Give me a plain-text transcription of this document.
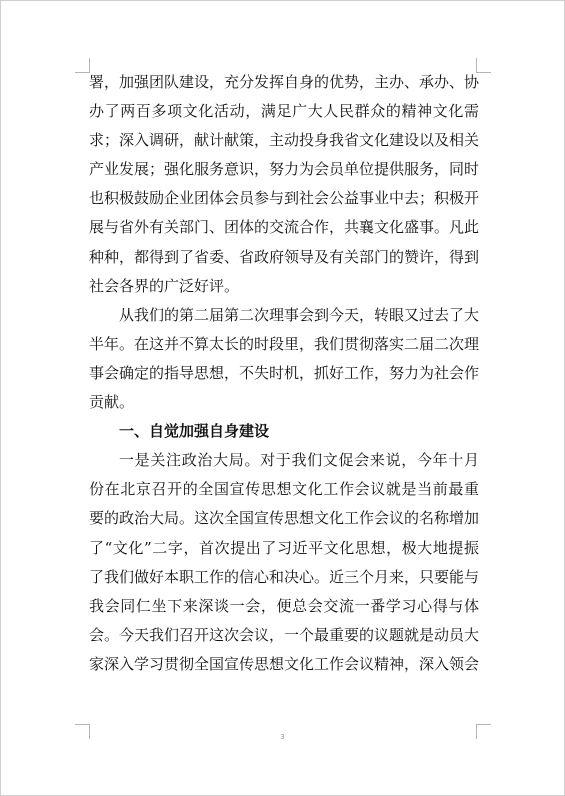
署，加强团队建设，充分发挥自身的优势，主办、承办、协
办了两百多项文化活动，满足广大人民群众的精神文化需
求；深入调研，献计献策，主动投身我省文化建设以及相关
产业发展；强化服务意识，努力为会员单位提供服务，同时
也积极鼓励企业团体会员参与到社会公益事业中去；积极开
展与省外有关部门、团体的交流合作，共襄文化盛事。凡此
种种，都得到了省委、省政府领导及有关部门的赞许，得到
社会各界的广泛好评。
从我们的第二届第二次理事会到今天，转眼又过去了大
半年。在这并不算太长的时段里，我们贯彻落实二届二次理
事会确定的指导思想，不失时机，抓好工作，努力为社会作
贡献。
一、自觉加强自身建设
一是关注政治大局。对于我们文促会来说，今年十月
份在北京召开的全国宣传思想文化工作会议就是当前最重
要的政治大局。这次全国宣传思想文化工作会议的名称增加
了“文化”二字，首次提出了习近平文化思想，极大地提振
了我们做好本职工作的信心和决心。近三个月来，只要能与
我会同仁坐下来深谈一会，便总会交流一番学习心得与体
会。今天我们召开这次会议，一个最重要的议题就是动员大
家深入学习贯彻全国宣传思想文化工作会议精神，深入领会
3
